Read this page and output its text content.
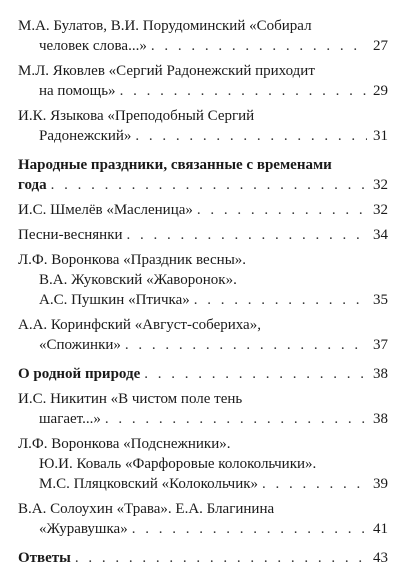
М.А. Булатов, В.И. Порудоминский «Собирал
человек слова...» . . .	27
М.Л. Яковлев «Сергий Радонежский приходит
на помощь» . . .	29
И.К. Языкова «Преподобный Сергий
Радонежский» . . .	31
Народные праздники, связанные с временами
года . . .	32
И.С. Шмелёв «Масленица» . . .	32
Песни-веснянки . . .	34
Л.Ф. Воронкова «Праздник весны».
В.А. Жуковский «Жаворонок».
А.С. Пушкин «Птичка» . . .	35
А.А. Коринфский «Август-собериха»,
«Спожинки» . . .	37
О родной природе . . .	38
И.С. Никитин «В чистом поле тень
шагает...» . . .	38
Л.Ф. Воронкова «Подснежники».
Ю.И. Коваль «Фарфоровые колокольчики».
М.С. Пляцковский «Колокольчик» . . .	39
В.А. Солоухин «Трава». Е.А. Благинина
«Журавушка» . . .	41
Ответы . . .	43
